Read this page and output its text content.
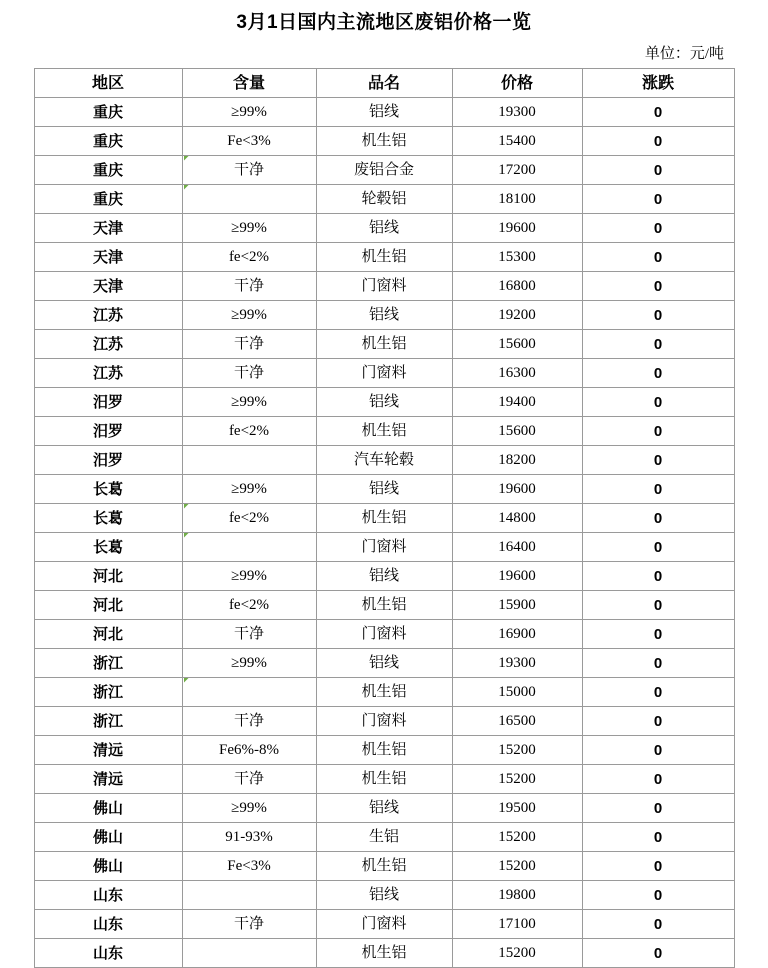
3月1日国内主流地区废铝价格一览
单位：元/吨
地区	含量	品名	价格	涨跌
重庆	≥99%	铝线	19300	0
重庆	Fe<3%	机生铝	15400	0
重庆	干净	废铝合金	17200	0
重庆		轮毂铝	18100	0
天津	≥99%	铝线	19600	0
天津	fe<2%	机生铝	15300	0
天津	干净	门窗料	16800	0
江苏	≥99%	铝线	19200	0
江苏	干净	机生铝	15600	0
江苏	干净	门窗料	16300	0
汨罗	≥99%	铝线	19400	0
汨罗	fe<2%	机生铝	15600	0
汨罗		汽车轮毂	18200	0
长葛	≥99%	铝线	19600	0
长葛	fe<2%	机生铝	14800	0
长葛		门窗料	16400	0
河北	≥99%	铝线	19600	0
河北	fe<2%	机生铝	15900	0
河北	干净	门窗料	16900	0
浙江	≥99%	铝线	19300	0
浙江		机生铝	15000	0
浙江	干净	门窗料	16500	0
清远	Fe6%-8%	机生铝	15200	0
清远	干净	机生铝	15200	0
佛山	≥99%	铝线	19500	0
佛山	91-93%	生铝	15200	0
佛山	Fe<3%	机生铝	15200	0
山东		铝线	19800	0
山东	干净	门窗料	17100	0
山东		机生铝	15200	0
